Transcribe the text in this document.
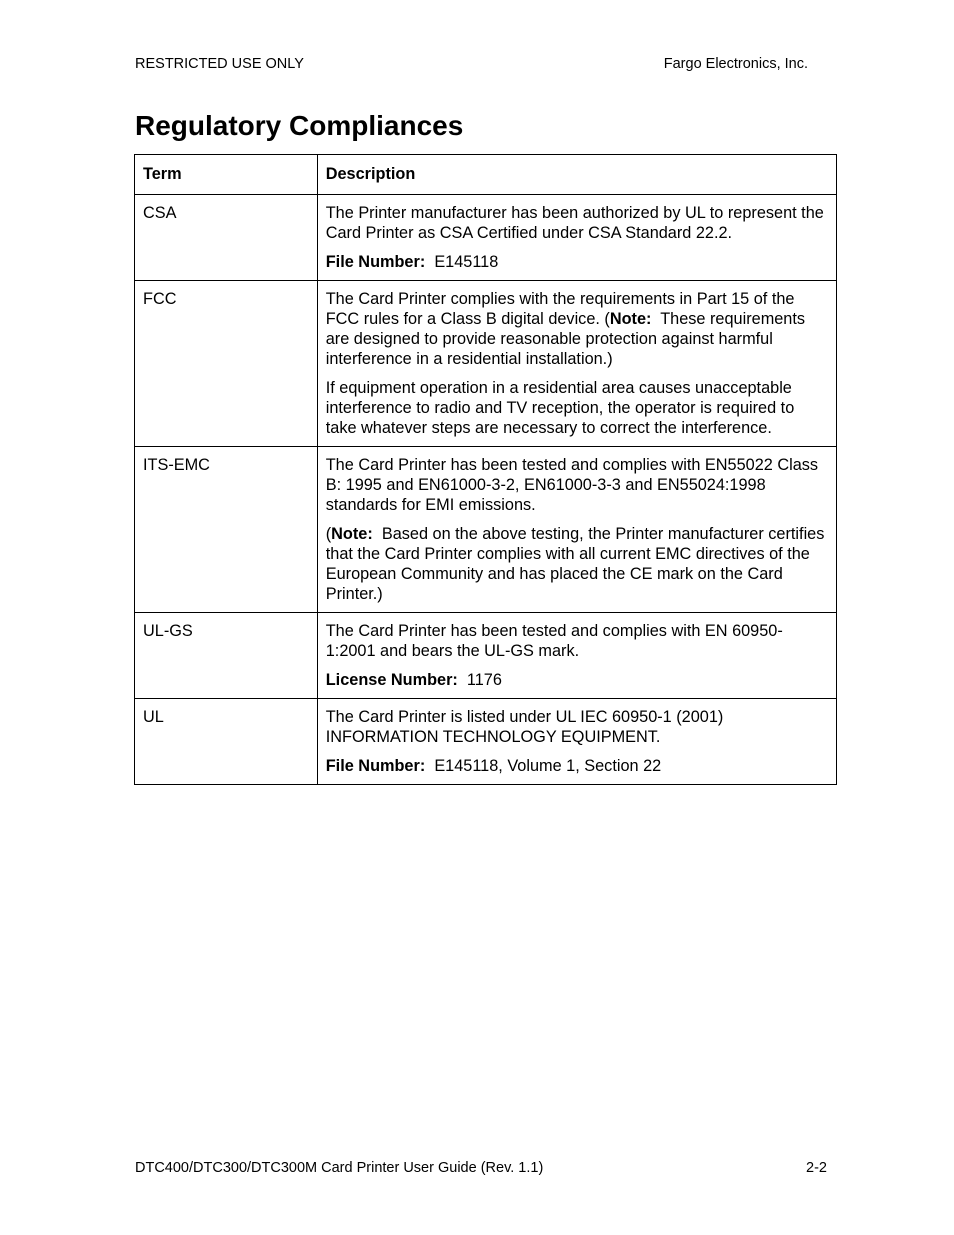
RESTRICTED USE ONLY	Fargo Electronics, Inc.
Regulatory Compliances
Term	Description
CSA	The Printer manufacturer has been authorized by UL to represent the Card Printer as CSA Certified under CSA Standard 22.2.

File Number: E145118

FCC	The Card Printer complies with the requirements in Part 15 of the FCC rules for a Class B digital device. (Note: These requirements are designed to provide reasonable protection against harmful interference in a residential installation.)

If equipment operation in a residential area causes unacceptable interference to radio and TV reception, the operator is required to take whatever steps are necessary to correct the interference.

ITS-EMC	The Card Printer has been tested and complies with EN55022 Class B: 1995 and EN61000-3-2, EN61000-3-3 and EN55024:1998 standards for EMI emissions.

(Note: Based on the above testing, the Printer manufacturer certifies that the Card Printer complies with all current EMC directives of the European Community and has placed the CE mark on the Card Printer.)

UL-GS	The Card Printer has been tested and complies with EN 60950-1:2001 and bears the UL-GS mark.

License Number: 1176

UL	The Card Printer is listed under UL IEC 60950-1 (2001) INFORMATION TECHNOLOGY EQUIPMENT.

File Number: E145118, Volume 1, Section 22

DTC400/DTC300/DTC300M Card Printer User Guide (Rev. 1.1)	2-2
